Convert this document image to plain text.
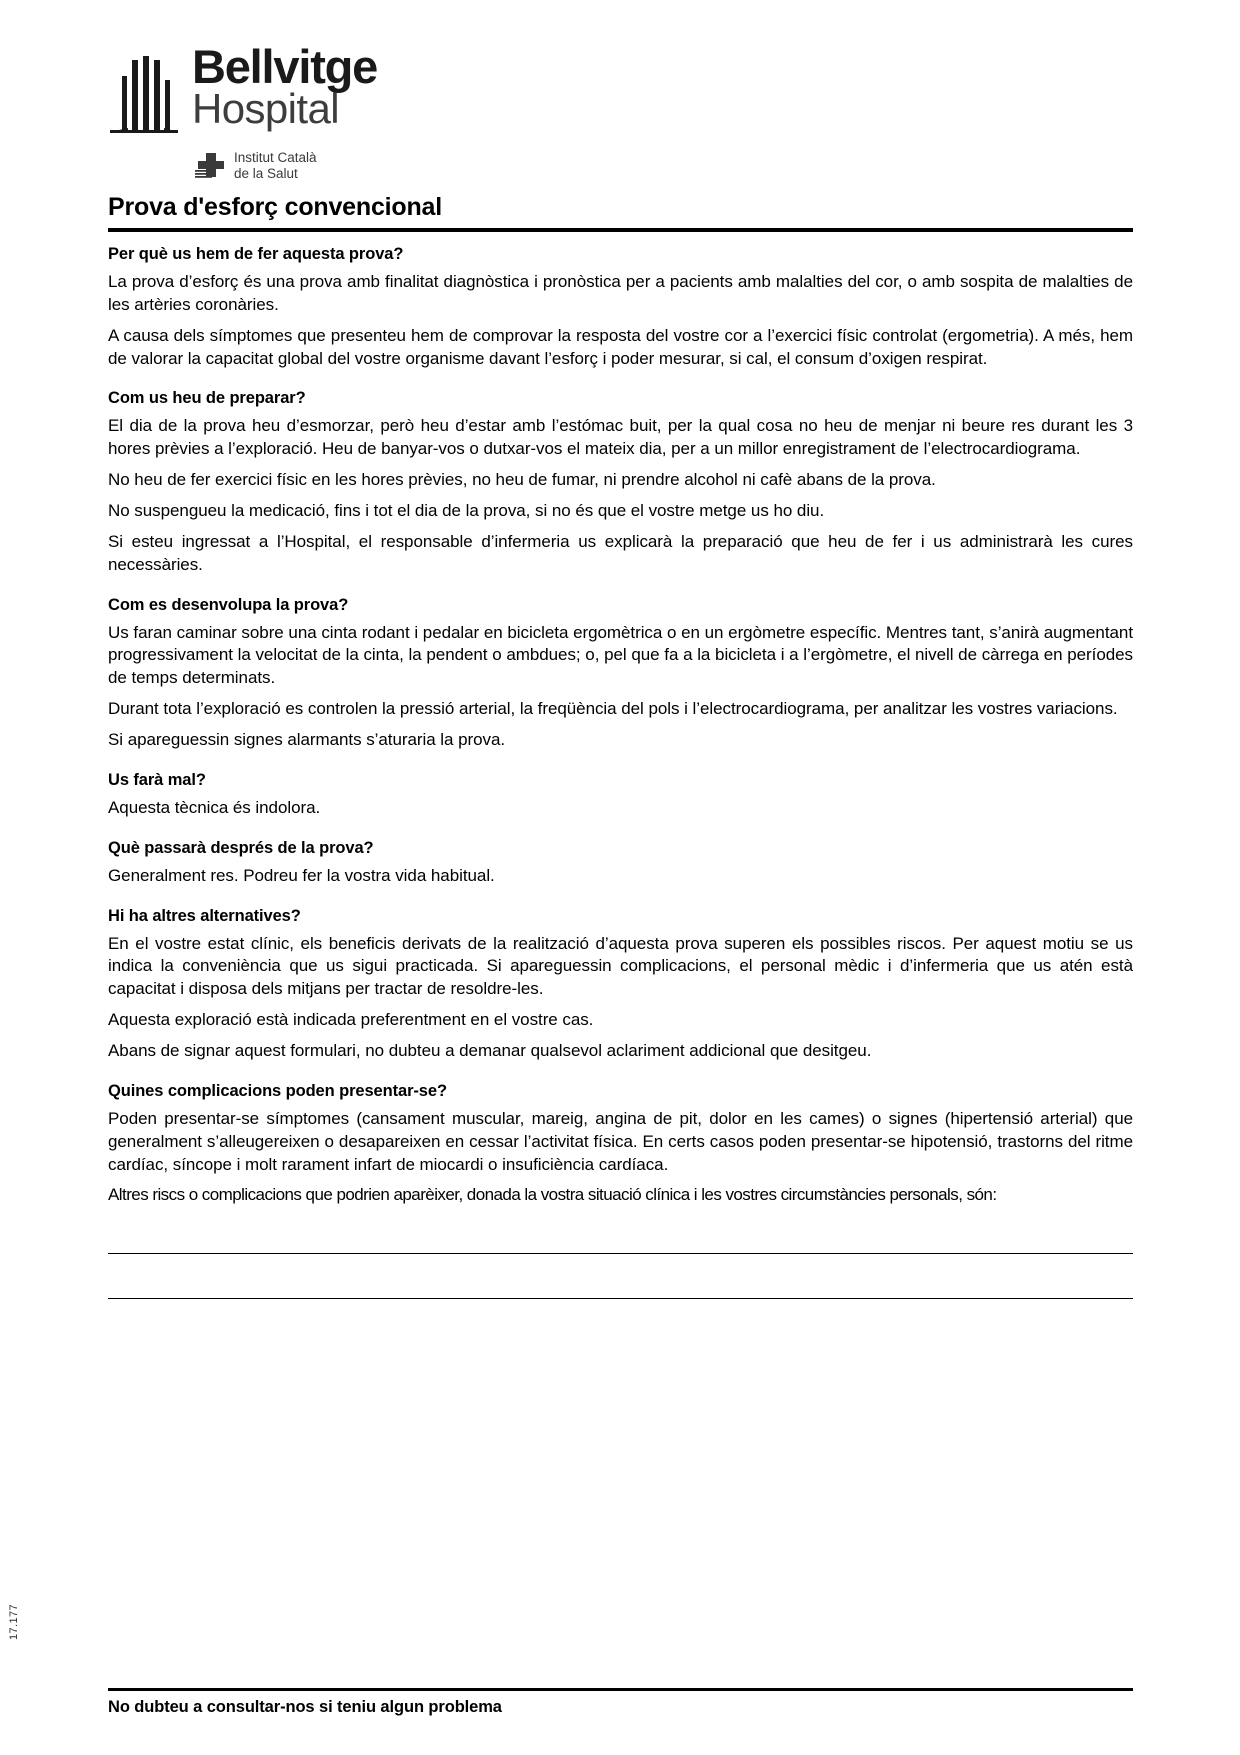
Bellvitge
Hospital
Institut Català
de la Salut
Prova d'esforç convencional
Per què us hem de fer aquesta prova?

La prova d’esforç és una prova amb finalitat diagnòstica i pronòstica per a pacients amb malalties del cor, o amb sospita de malalties de les artèries coronàries.

A causa dels símptomes que presenteu hem de comprovar la resposta del vostre cor a l’exercici físic controlat (ergometria). A més, hem de valorar la capacitat global del vostre organisme davant l’esforç i poder mesurar, si cal, el consum d’oxigen respirat.

Com us heu de preparar?

El dia de la prova heu d’esmorzar, però heu d’estar amb l’estómac buit, per la qual cosa no heu de menjar ni beure res durant les 3 hores prèvies a l’exploració. Heu de banyar-vos o dutxar-vos el mateix dia, per a un millor enregistrament de l’electrocardiograma.

No heu de fer exercici físic en les hores prèvies, no heu de fumar, ni prendre alcohol ni cafè abans de la prova.

No suspengueu la medicació, fins i tot el dia de la prova, si no és que el vostre metge us ho diu.

Si esteu ingressat a l’Hospital, el responsable d’infermeria us explicarà la preparació que heu de fer i us administrarà les cures necessàries.

Com es desenvolupa la prova?

Us faran caminar sobre una cinta rodant i pedalar en bicicleta ergomètrica o en un ergòmetre específic. Mentres tant, s’anirà augmentant progressivament la velocitat de la cinta, la pendent o ambdues; o, pel que fa a la bicicleta i a l’ergòmetre, el nivell de càrrega en períodes de temps determinats.

Durant tota l’exploració es controlen la pressió arterial, la freqüència del pols i l’electrocardiograma, per analitzar les vostres variacions.

Si apareguessin signes alarmants s’aturaria la prova.

Us farà mal?

Aquesta tècnica és indolora.

Què passarà després de la prova?

Generalment res. Podreu fer la vostra vida habitual.

Hi ha altres alternatives?

En el vostre estat clínic, els beneficis derivats de la realització d’aquesta prova superen els possibles riscos. Per aquest motiu se us indica la conveniència que us sigui practicada. Si apareguessin complicacions, el personal mèdic i d’infermeria que us atén està capacitat i disposa dels mitjans per tractar de resoldre-les.

Aquesta exploració està indicada preferentment en el vostre cas.

Abans de signar aquest formulari, no dubteu a demanar qualsevol aclariment addicional que desitgeu.

Quines complicacions poden presentar-se?

Poden presentar-se símptomes (cansament muscular, mareig, angina de pit, dolor en les cames) o signes (hipertensió arterial) que generalment s’alleugereixen o desapareixen en cessar l’activitat física. En certs casos poden presentar-se hipotensió, trastorns del ritme cardíac, síncope i molt rarament infart de miocardi o insuficiència cardíaca.

Altres riscs o complicacions que podrien aparèixer, donada la vostra situació clínica i les vostres circumstàncies personals, són:

17.177
No dubteu a consultar-nos si teniu algun problema
